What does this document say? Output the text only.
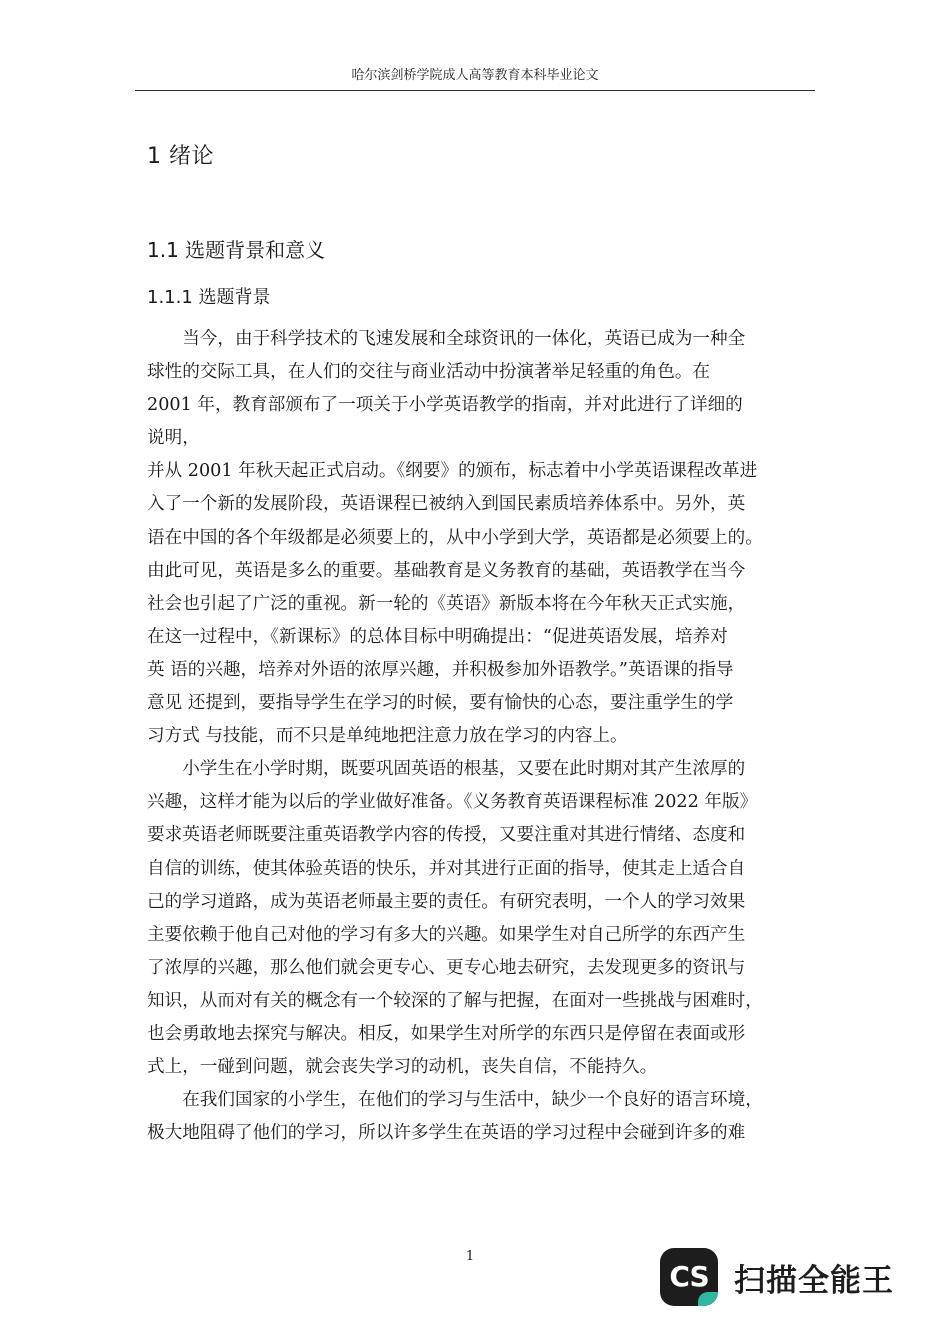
哈尔滨剑桥学院成人高等教育本科毕业论文
1 绪论
1.1 选题背景和意义
1.1.1 选题背景
　　当今，由于科学技术的飞速发展和全球资讯的一体化，英语已成为一种全
球性的交际工具，在人们的交往与商业活动中扮演著举足轻重的角色。在
2001 年，教育部颁布了一项关于小学英语教学的指南，并对此进行了详细的
说明，
并从 2001 年秋天起正式启动。《纲要》的颁布，标志着中小学英语课程改革进
入了一个新的发展阶段，英语课程已被纳入到国民素质培养体系中。另外，英
语在中国的各个年级都是必须要上的，从中小学到大学，英语都是必须要上的。
由此可见，英语是多么的重要。基础教育是义务教育的基础，英语教学在当今
社会也引起了广泛的重视。新一轮的《英语》新版本将在今年秋天正式实施，
在这一过程中，《新课标》的总体目标中明确提出：“促进英语发展，培养对
英 语的兴趣，培养对外语的浓厚兴趣，并积极参加外语教学。”英语课的指导
意见 还提到，要指导学生在学习的时候，要有愉快的心态，要注重学生的学
习方式 与技能，而不只是单纯地把注意力放在学习的内容上。
　　小学生在小学时期，既要巩固英语的根基，又要在此时期对其产生浓厚的
兴趣，这样才能为以后的学业做好准备。《义务教育英语课程标准 2022 年版》
要求英语老师既要注重英语教学内容的传授，又要注重对其进行情绪、态度和
自信的训练，使其体验英语的快乐，并对其进行正面的指导，使其走上适合自
己的学习道路，成为英语老师最主要的责任。有研究表明，一个人的学习效果
主要依赖于他自己对他的学习有多大的兴趣。如果学生对自己所学的东西产生
了浓厚的兴趣，那么他们就会更专心、更专心地去研究，去发现更多的资讯与
知识，从而对有关的概念有一个较深的了解与把握，在面对一些挑战与困难时，
也会勇敢地去探究与解决。相反，如果学生对所学的东西只是停留在表面或形
式上，一碰到问题，就会丧失学习的动机，丧失自信，不能持久。
　　在我们国家的小学生，在他们的学习与生活中，缺少一个良好的语言环境，
极大地阻碍了他们的学习，所以许多学生在英语的学习过程中会碰到许多的难
1
CS 扫描全能王
